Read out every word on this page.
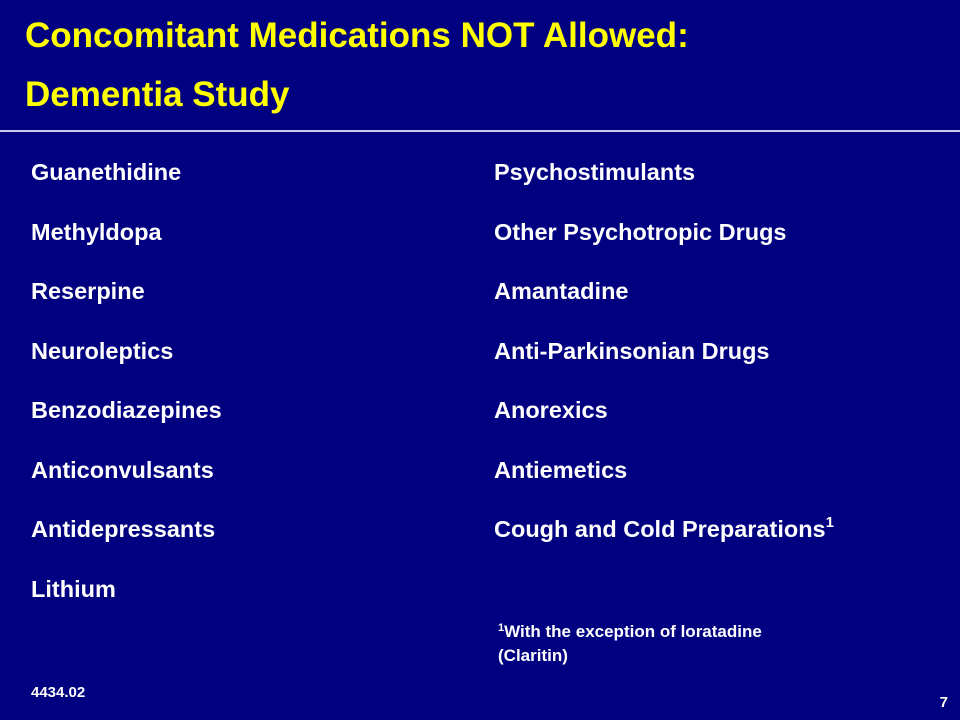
Concomitant Medications NOT Allowed:
Dementia Study
Guanethidine
Methyldopa
Reserpine
Neuroleptics
Benzodiazepines
Anticonvulsants
Antidepressants
Lithium
Psychostimulants
Other Psychotropic Drugs
Amantadine
Anti-Parkinsonian Drugs
Anorexics
Antiemetics
Cough and Cold Preparations$^1$
$^1$With the exception of loratadine
(Claritin)
4434.02
7
